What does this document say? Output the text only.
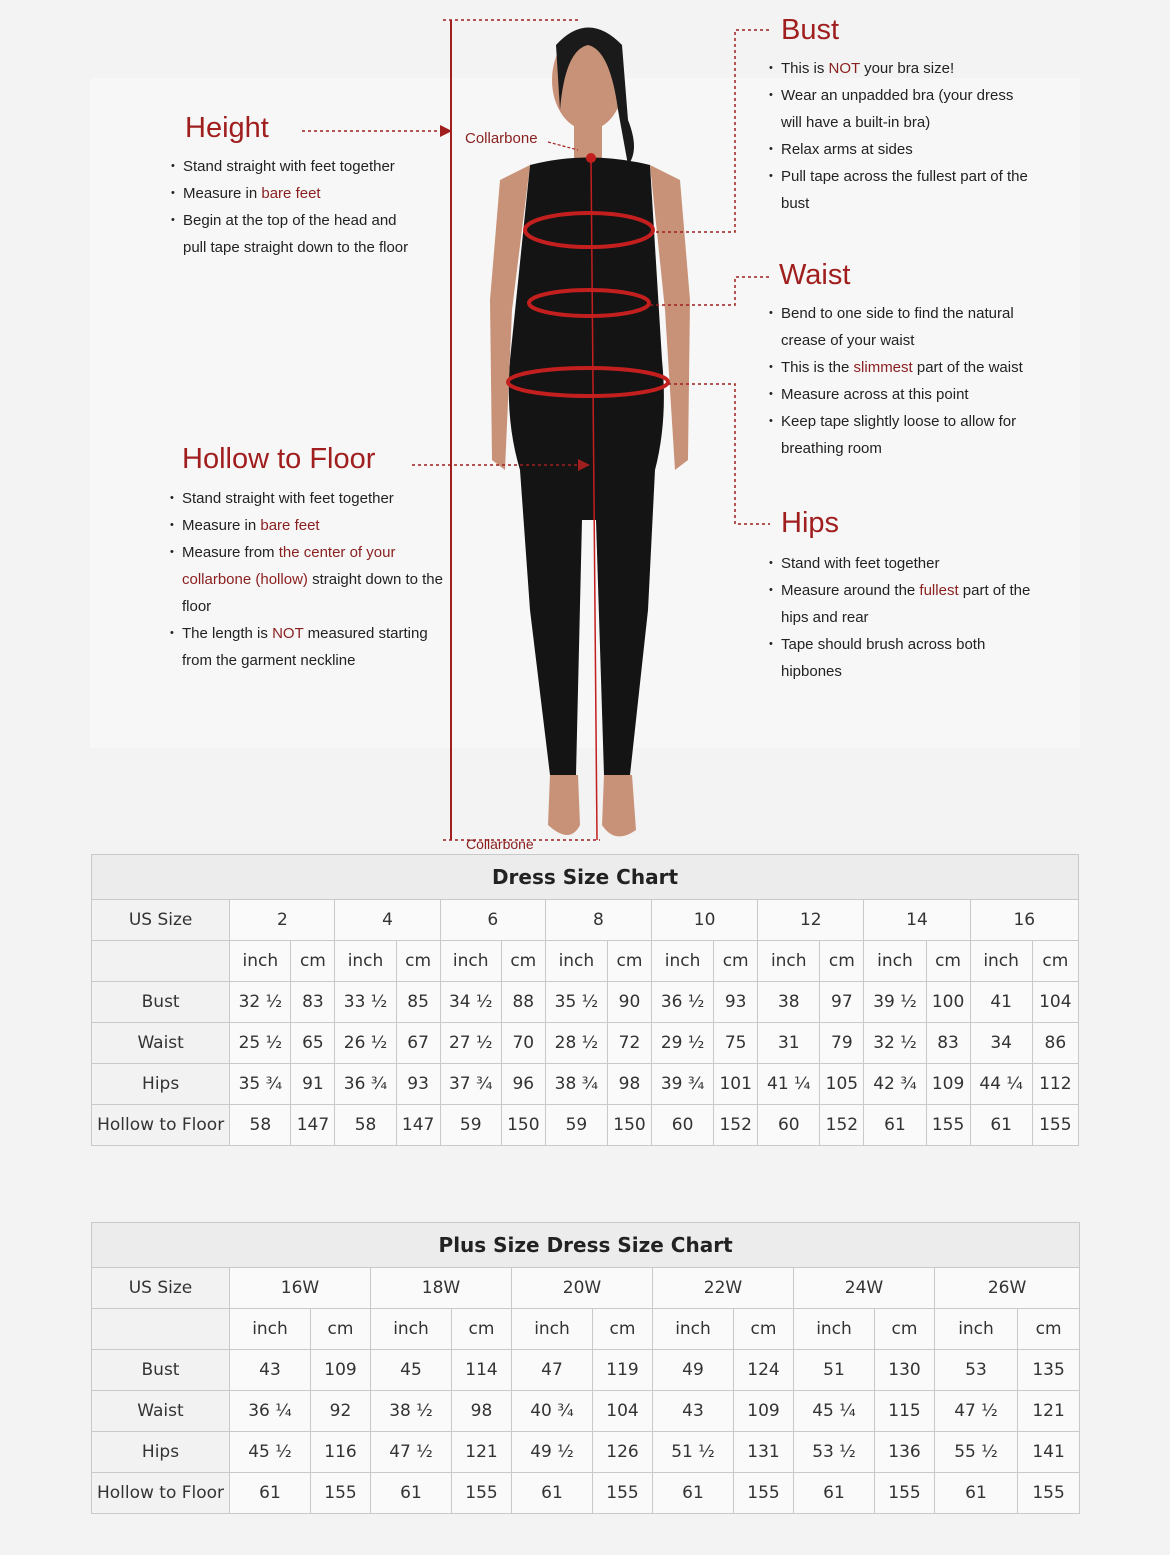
Collarbone
Collarbone
Height
• Stand straight with feet together
• Measure in bare feet
• Begin at the top of the head and pull tape straight down to the floor
Hollow to Floor
• Stand straight with feet together
• Measure in bare feet
• Measure from the center of your collarbone (hollow) straight down to the floor
• The length is NOT measured starting from the garment neckline
Bust
• This is NOT your bra size!
• Wear an unpadded bra (your dress will have a built-in bra)
• Relax arms at sides
• Pull tape across the fullest part of the bust
Waist
• Bend to one side to find the natural crease of your waist
• This is the slimmest part of the waist
• Measure across at this point
• Keep tape slightly loose to allow for breathing room
Hips
• Stand with feet together
• Measure around the fullest part of the hips and rear
• Tape should brush across both hipbones
Dress Size Chart																
US Size	2		4		6		8		10		12		14		16	
	inch	cm	inch	cm	inch	cm	inch	cm	inch	cm	inch	cm	inch	cm	inch	cm
Bust	32 ½	83	33 ½	85	34 ½	88	35 ½	90	36 ½	93	38	97	39 ½	100	41	104
Waist	25 ½	65	26 ½	67	27 ½	70	28 ½	72	29 ½	75	31	79	32 ½	83	34	86
Hips	35 ¾	91	36 ¾	93	37 ¾	96	38 ¾	98	39 ¾	101	41 ¼	105	42 ¾	109	44 ¼	112
Hollow to Floor	58	147	58	147	59	150	59	150	60	152	60	152	61	155	61	155
Plus Size Dress Size Chart												
US Size	16W		18W		20W		22W		24W		26W	
	inch	cm	inch	cm	inch	cm	inch	cm	inch	cm	inch	cm
Bust	43	109	45	114	47	119	49	124	51	130	53	135
Waist	36 ¼	92	38 ½	98	40 ¾	104	43	109	45 ¼	115	47 ½	121
Hips	45 ½	116	47 ½	121	49 ½	126	51 ½	131	53 ½	136	55 ½	141
Hollow to Floor	61	155	61	155	61	155	61	155	61	155	61	155
